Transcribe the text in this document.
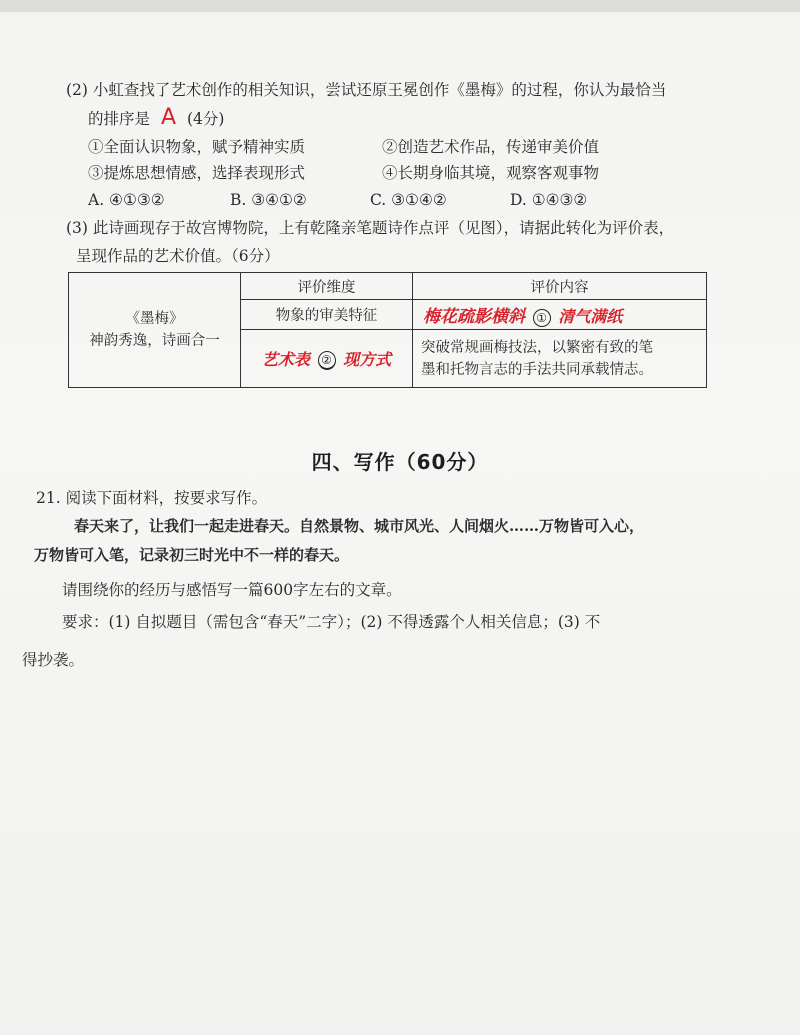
(2) 小虹查找了艺术创作的相关知识，尝试还原王冕创作《墨梅》的过程，你认为最恰当
的排序是 A (4分)
①全面认识物象，赋予精神实质	②创造艺术作品，传递审美价值
③提炼思想情感，选择表现形式	④长期身临其境，观察客观事物
A. ④①③②	B. ③④①②	C. ③①④②	D. ①④③②
(3) 此诗画现存于故宫博物院，上有乾隆亲笔题诗作点评（见图），请据此转化为评价表，
呈现作品的艺术价值。（6分）
《墨梅》
神韵秀逸，诗画合一	评价维度	评价内容
	物象的审美特征	梅花疏影横斜 ① 清气满纸
	艺术表 ② 现方式	突破常规画梅技法，以繁密有致的笔
墨和托物言志的手法共同承载情志。
四、写作（60分）
21. 阅读下面材料，按要求写作。
春天来了，让我们一起走进春天。自然景物、城市风光、人间烟火……万物皆可入心，
万物皆可入笔，记录初三时光中不一样的春天。
请围绕你的经历与感悟写一篇600字左右的文章。
要求：(1) 自拟题目（需包含“春天”二字）；(2) 不得透露个人相关信息；(3) 不
得抄袭。
